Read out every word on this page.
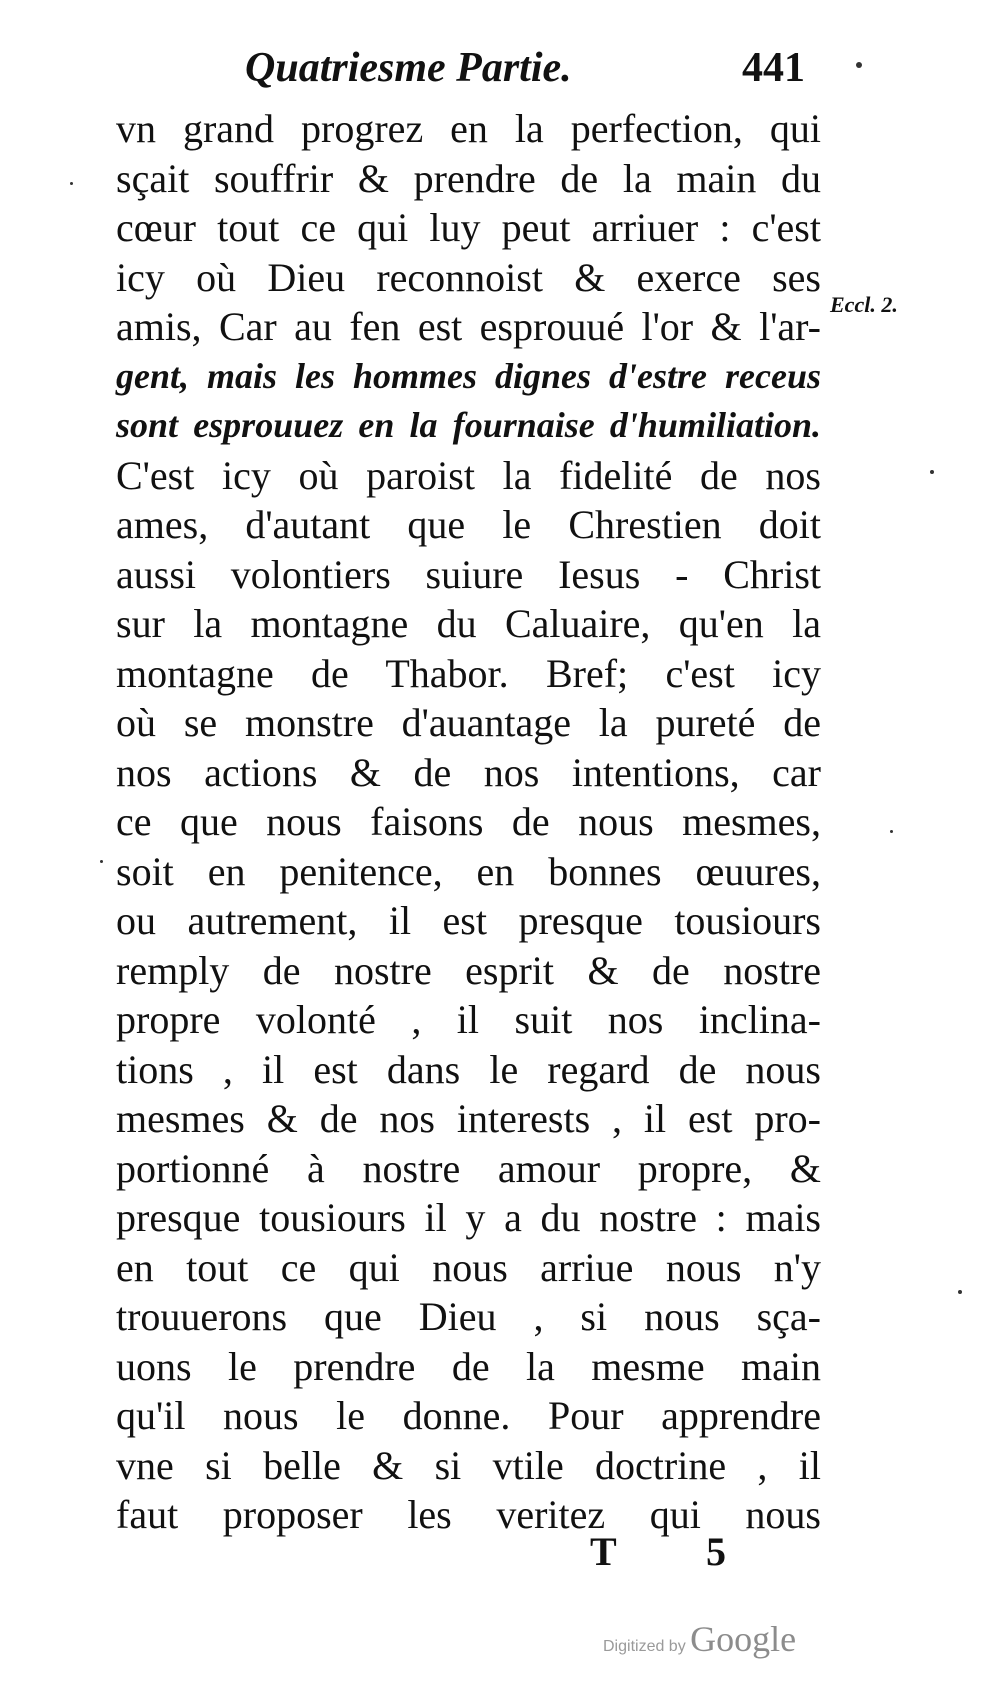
Quatriesme Partie.	441
Eccl. 2.
vn grand progrez en la perfection, qui
sçait souffrir & prendre de la main du
cœur tout ce qui luy peut arriuer : c'est
icy où Dieu reconnoist & exerce ses
amis, Car au fen est esprouué l'or & l'ar-
gent, mais les hommes dignes d'estre receus
sont esprouuez en la fournaise d'humiliation.
C'est icy où paroist la fidelité de nos
ames, d'autant que le Chrestien doit
aussi volontiers suiure Iesus - Christ
sur la montagne du Caluaire, qu'en la
montagne de Thabor. Bref; c'est icy
où se monstre d'auantage la pureté de
nos actions & de nos intentions, car
ce que nous faisons de nous mesmes,
soit en penitence, en bonnes œuures,
ou autrement, il est presque tousiours
remply de nostre esprit & de nostre
propre volonté , il suit nos inclina-
tions , il est dans le regard de nous
mesmes & de nos interests , il est pro-
portionné à nostre amour propre, &
presque tousiours il y a du nostre : mais
en tout ce qui nous arriue nous n'y
trouuerons que Dieu , si nous sça-
uons le prendre de la mesme main
qu'il nous le donne. Pour apprendre
vne si belle & si vtile doctrine , il
faut proposer les veritez qui nous
T 5
Digitized by Google
